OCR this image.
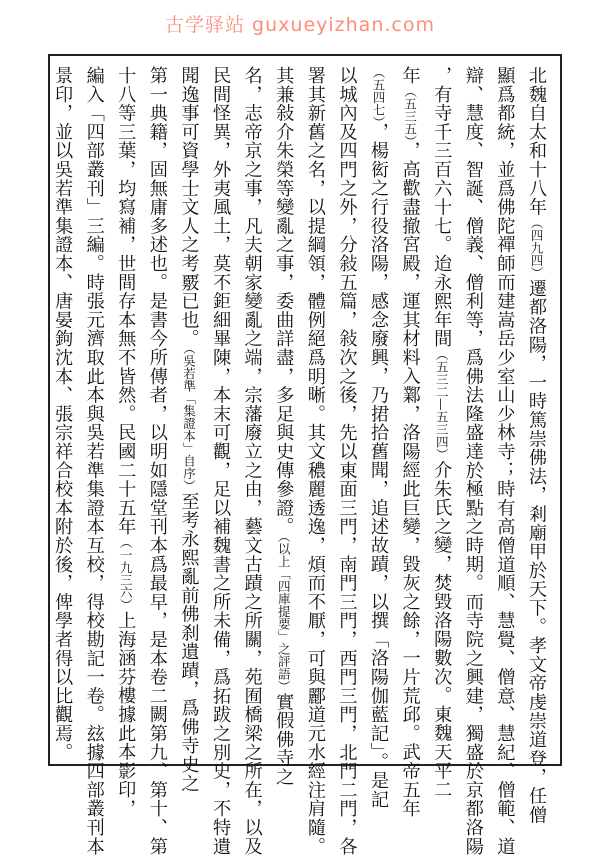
古学驿站 guxueyizhan.com
北魏自太和十八年（四九四）遷都洛陽，一時篤崇佛法，剎廟甲於天下。孝文帝虔崇道登，任僧
顯爲都統，並爲佛陀禪師而建嵩岳少室山少林寺；時有高僧道順、慧覺、僧意、慧紀、僧範、道
辯、慧度、智誕、僧義、僧利等，爲佛法隆盛達於極點之時期。而寺院之興建，獨盛於京都洛陽
，有寺千三百六十七。迨永熙年間（五三二—五三四）介朱氏之變，焚毀洛陽數次。東魏天平二
年（五三五），高歡盡撤宮殿，運其材料入鄴，洛陽經此巨變，毀灰之餘，一片荒邱。武帝五年
（五四七），楊衒之行役洛陽，感念廢興，乃捃拾舊聞，追述故蹟，以撰「洛陽伽藍記」。是記
以城內及四門之外，分敍五篇，敍次之後，先以東面三門，南門三門，西門三門，北門二門，各
署其新舊之名，以提綱領，體例絕爲明晰。其文穠麗透逸，煩而不厭，可與酈道元水經注肩隨。
其兼敍介朱榮等變亂之事，委曲詳盡，多足與史傳參證。（以上「四庫提要」之評語）實假佛寺之
名，志帝京之事，凡夫朝家變亂之端，宗藩廢立之由，藝文古蹟之所關，苑囿橋梁之所在，以及
民間怪異，外夷風土，莫不鉅細畢陳，本末可觀，足以補魏書之所未備，爲拓跋之別史，不特遺
聞逸事可資學士文人之考覈已也。（吳若準「集證本」自序）至考永熙亂前佛刹遺蹟，爲佛寺史之
第一典籍，固無庸多述也。是書今所傳者，以明如隱堂刊本爲最早，是本卷二闕第九、第十、第
十八等三葉，均寫補，世間存本無不皆然。民國二十五年（一九三六）上海涵芬樓據此本影印，
編入「四部叢刊」三編。時張元濟取此本與吳若準集證本互校，得校勘記一卷。玆據四部叢刊本
景印，並以吳若準集證本、唐晏鉤沈本、張宗祥合校本附於後，俾學者得以比觀焉。
